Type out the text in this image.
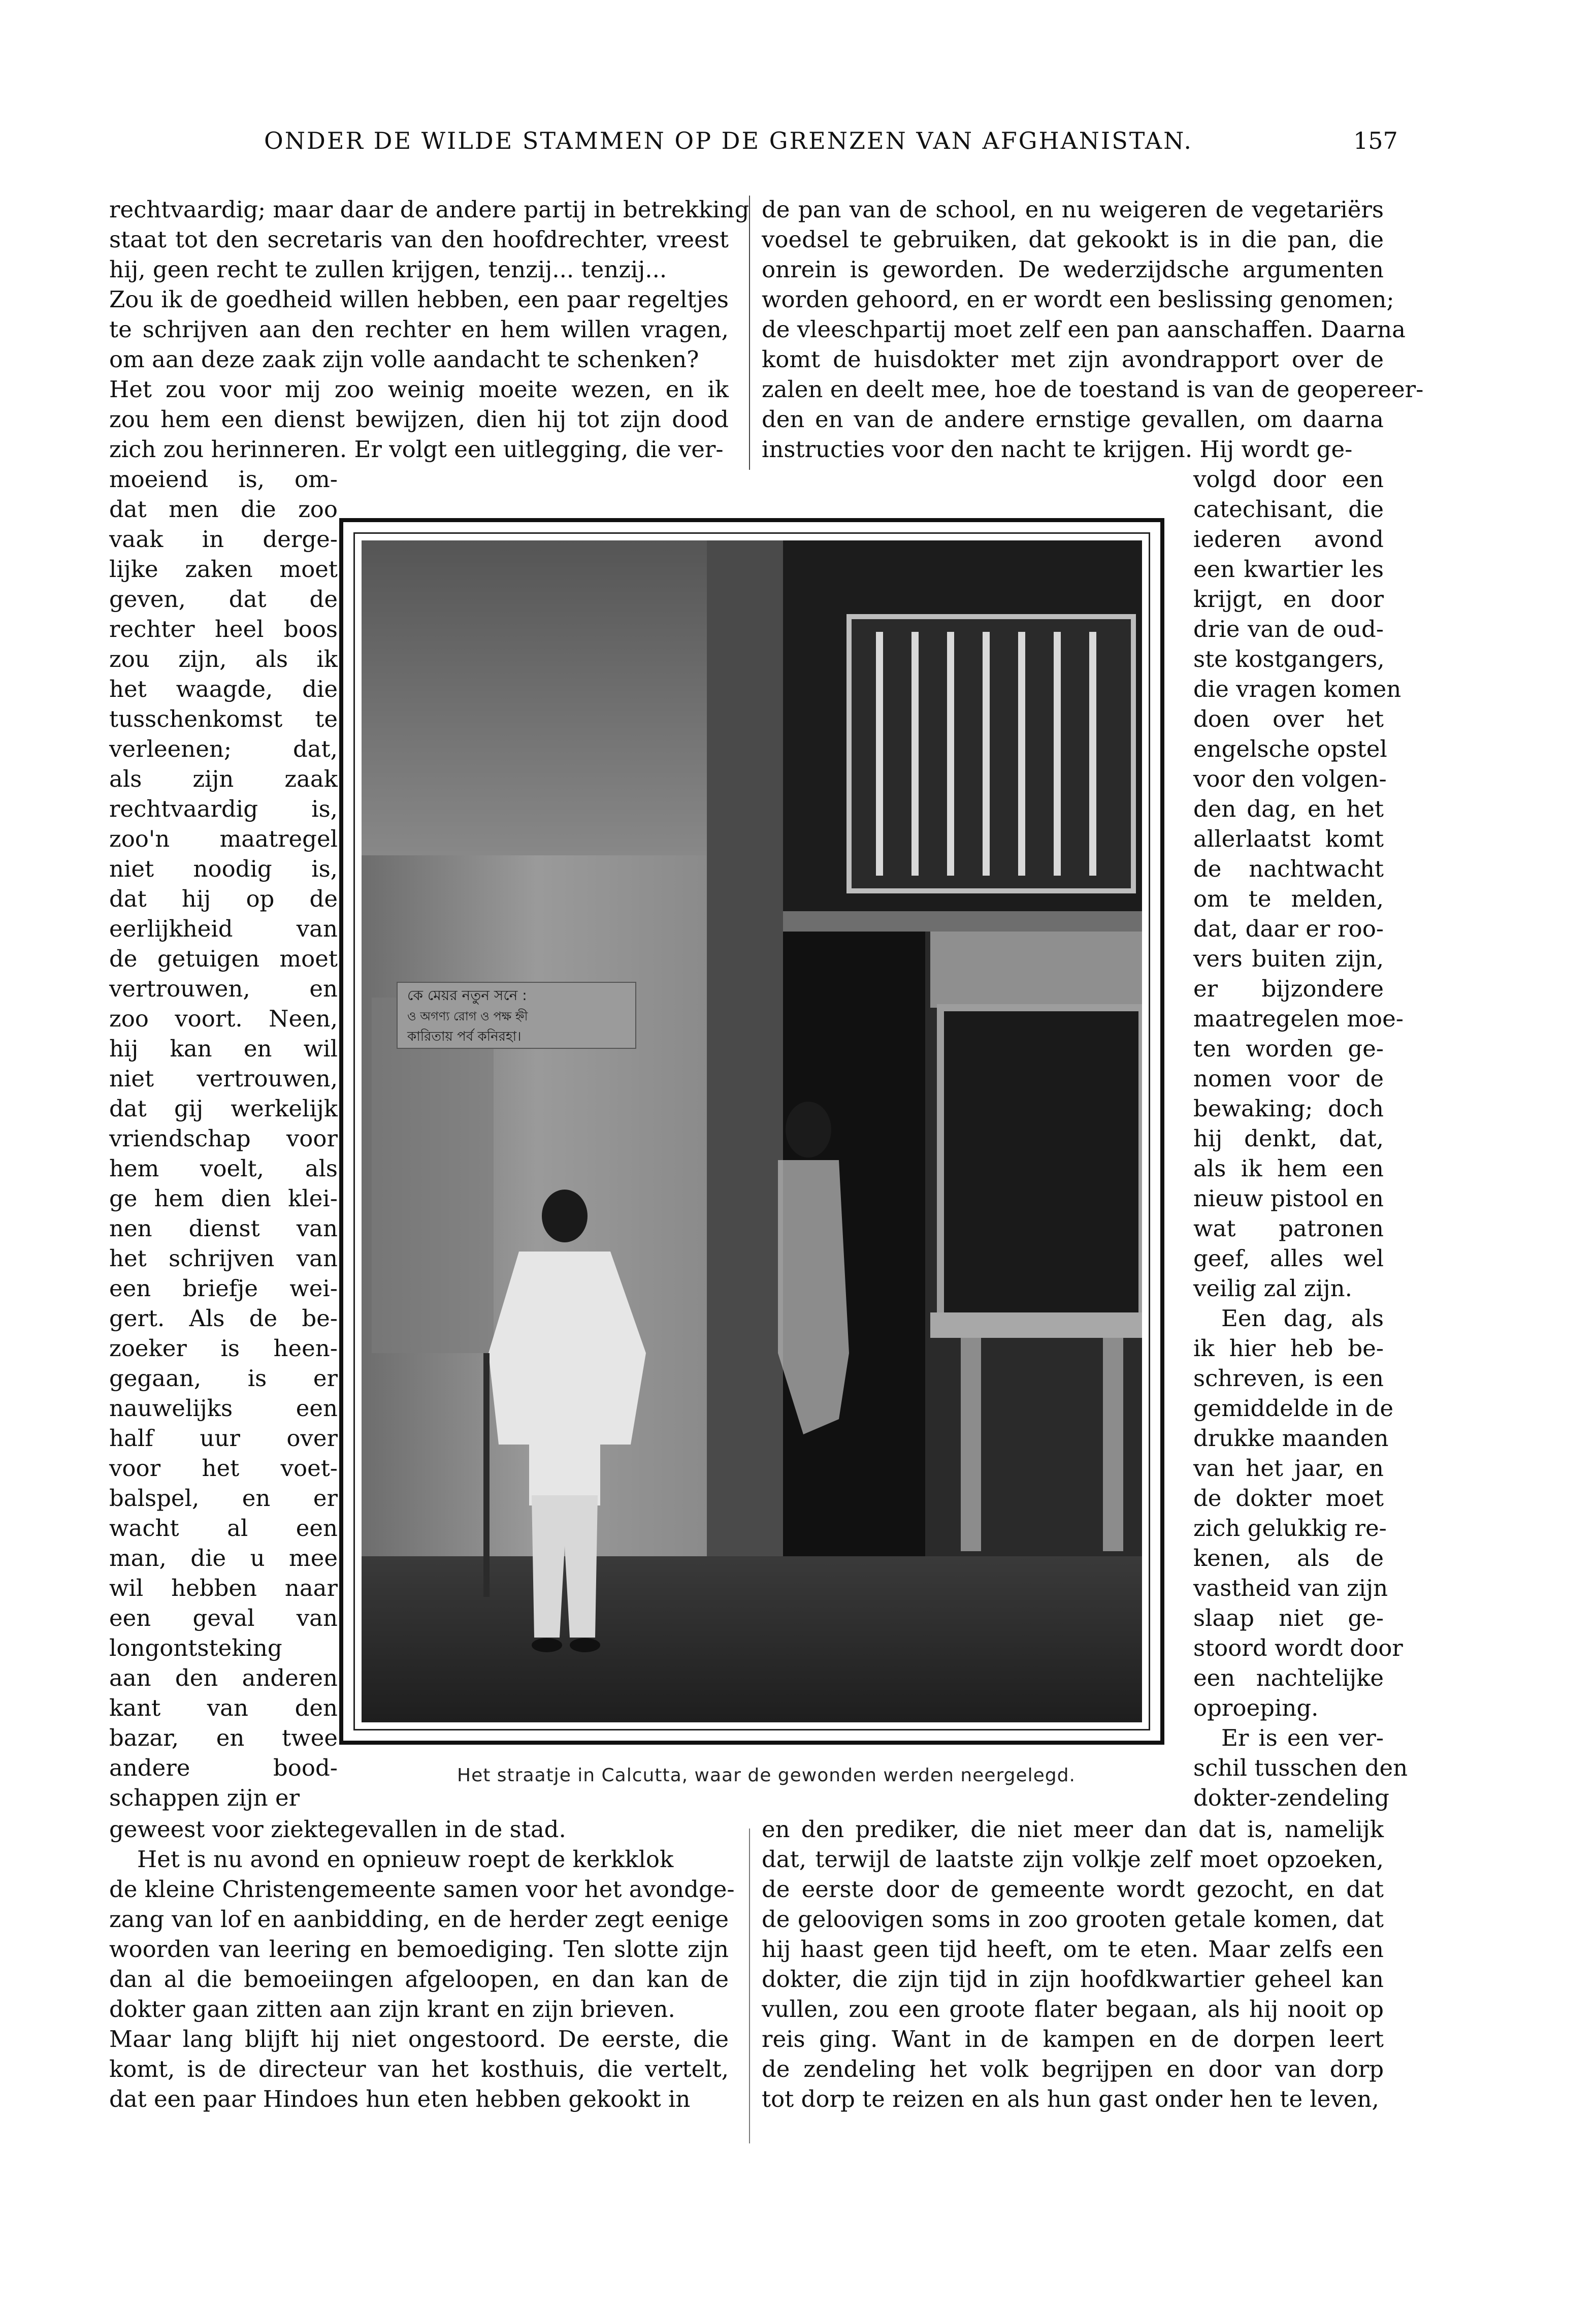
ONDER DE WILDE STAMMEN OP DE GRENZEN VAN AFGHANISTAN.	157
rechtvaardig; maar daar de andere partij in betrekking
staat tot den secretaris van den hoofdrechter, vreest
hij, geen recht te zullen krijgen, tenzij... tenzij...
Zou ik de goedheid willen hebben, een paar regeltjes
te schrijven aan den rechter en hem willen vragen,
om aan deze zaak zijn volle aandacht te schenken?
Het zou voor mij zoo weinig moeite wezen, en ik
zou hem een dienst bewijzen, dien hij tot zijn dood
zich zou herinneren. Er volgt een uitlegging, die ver-
de pan van de school, en nu weigeren de vegetariërs
voedsel te gebruiken, dat gekookt is in die pan, die
onrein is geworden. De wederzijdsche argumenten
worden gehoord, en er wordt een beslissing genomen;
de vleeschpartij moet zelf een pan aanschaffen. Daarna
komt de huisdokter met zijn avondrapport over de
zalen en deelt mee, hoe de toestand is van de geopereer-
den en van de andere ernstige gevallen, om daarna
instructies voor den nacht te krijgen. Hij wordt ge-
moeiend is, om-
dat men die zoo
vaak in derge-
lijke zaken moet
geven, dat de
rechter heel boos
zou zijn, als ik
het waagde, die
tusschenkomst te
verleenen; dat,
als zijn zaak
rechtvaardig is,
zoo'n maatregel
niet noodig is,
dat hij op de
eerlijkheid van
de getuigen moet
vertrouwen, en
zoo voort. Neen,
hij kan en wil
niet vertrouwen,
dat gij werkelijk
vriendschap voor
hem voelt, als
ge hem dien klei-
nen dienst van
het schrijven van
een briefje wei-
gert. Als de be-
zoeker is heen-
gegaan, is er
nauwelijks een
half uur over
voor het voet-
balspel, en er
wacht al een
man, die u mee
wil hebben naar
een geval van
longontsteking
aan den anderen
kant van den
bazar, en twee
andere bood-
schappen zijn er
volgd door een
catechisant, die
iederen avond
een kwartier les
krijgt, en door
drie van de oud-
ste kostgangers,
die vragen komen
doen over het
engelsche opstel
voor den volgen-
den dag, en het
allerlaatst komt
de nachtwacht
om te melden,
dat, daar er roo-
vers buiten zijn,
er bijzondere
maatregelen moe-
ten worden ge-
nomen voor de
bewaking; doch
hij denkt, dat,
als ik hem een
nieuw pistool en
wat patronen
geef, alles wel
veilig zal zijn.
Een dag, als
ik hier heb be-
schreven, is een
gemiddelde in de
drukke maanden
van het jaar, en
de dokter moet
zich gelukkig re-
kenen, als de
vastheid van zijn
slaap niet ge-
stoord wordt door
een nachtelijke
oproeping.
Er is een ver-
schil tusschen den
dokter-zendeling
কে মেয়র নতুন সনে :
ও অগণ্য রোগ ও পক্ষ হ্নী
কারিতায় পর্ব কনিরহা।
Het straatje in Calcutta, waar de gewonden werden neergelegd.
geweest voor ziektegevallen in de stad.
Het is nu avond en opnieuw roept de kerkklok
de kleine Christengemeente samen voor het avondge-
zang van lof en aanbidding, en de herder zegt eenige
woorden van leering en bemoediging. Ten slotte zijn
dan al die bemoeiingen afgeloopen, en dan kan de
dokter gaan zitten aan zijn krant en zijn brieven.
Maar lang blijft hij niet ongestoord. De eerste, die
komt, is de directeur van het kosthuis, die vertelt,
dat een paar Hindoes hun eten hebben gekookt in
en den prediker, die niet meer dan dat is, namelijk
dat, terwijl de laatste zijn volkje zelf moet opzoeken,
de eerste door de gemeente wordt gezocht, en dat
de geloovigen soms in zoo grooten getale komen, dat
hij haast geen tijd heeft, om te eten. Maar zelfs een
dokter, die zijn tijd in zijn hoofdkwartier geheel kan
vullen, zou een groote flater begaan, als hij nooit op
reis ging. Want in de kampen en de dorpen leert
de zendeling het volk begrijpen en door van dorp
tot dorp te reizen en als hun gast onder hen te leven,
